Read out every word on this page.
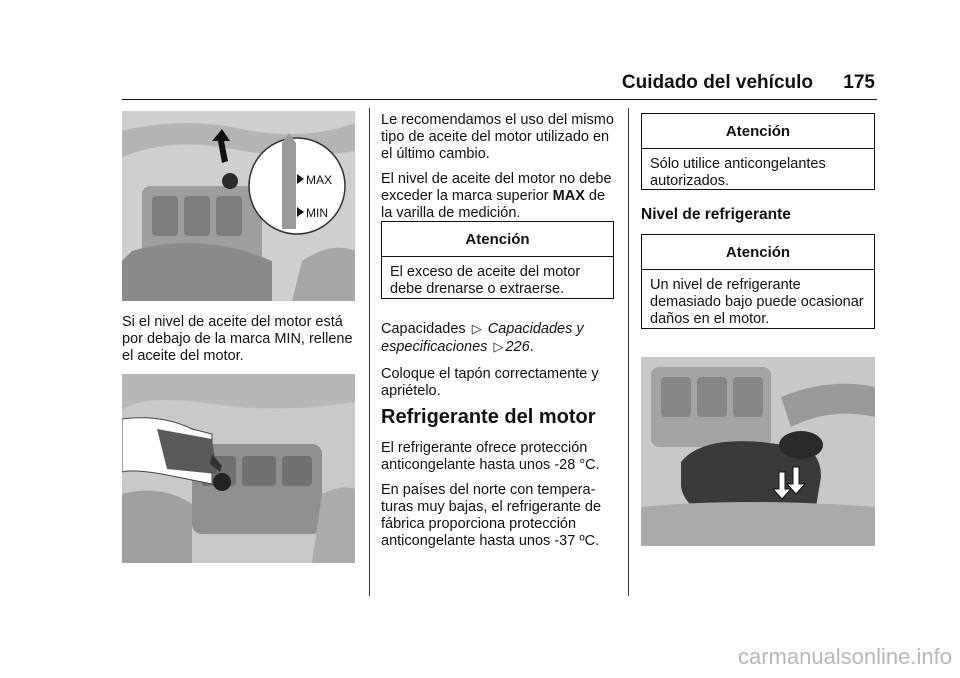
Cuidado del vehículo 175
MAX
MIN
Si el nivel de aceite del motor está por debajo de la marca MIN, rellene el aceite del motor.

Le recomendamos el uso del mismo tipo de aceite del motor utilizado en el último cambio.

El nivel de aceite del motor no debe exceder la marca superior MAX de la varilla de medición.

Atención
El exceso de aceite del motor debe drenarse o extraerse.

Capacidades ▷ Capacidades y

especificaciones ▷ 226.
Coloque el tapón correctamente y apriételo.
Refrigerante del motor

El refrigerante ofrece protección anticongelante hasta unos -28 °C.

En países del norte con tempera-turas muy bajas, el refrigerante de fábrica proporciona protección anticongelante hasta unos -37 ºC.

Atención
Sólo utilice anticongelantes autorizados.
Nivel de refrigerante
Atención
Un nivel de refrigerante demasiado bajo puede ocasionar daños en el motor.
carmanualsonline.info
